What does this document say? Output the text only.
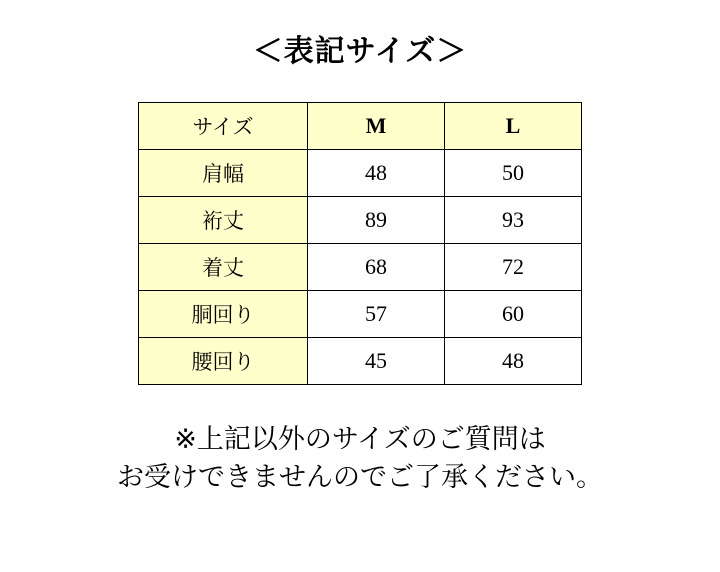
＜表記サイズ＞
サイズ	M	L
肩幅	48	50
裄丈	89	93
着丈	68	72
胴回り	57	60
腰回り	45	48
※上記以外のサイズのご質問は
お受けできませんのでご了承ください。
